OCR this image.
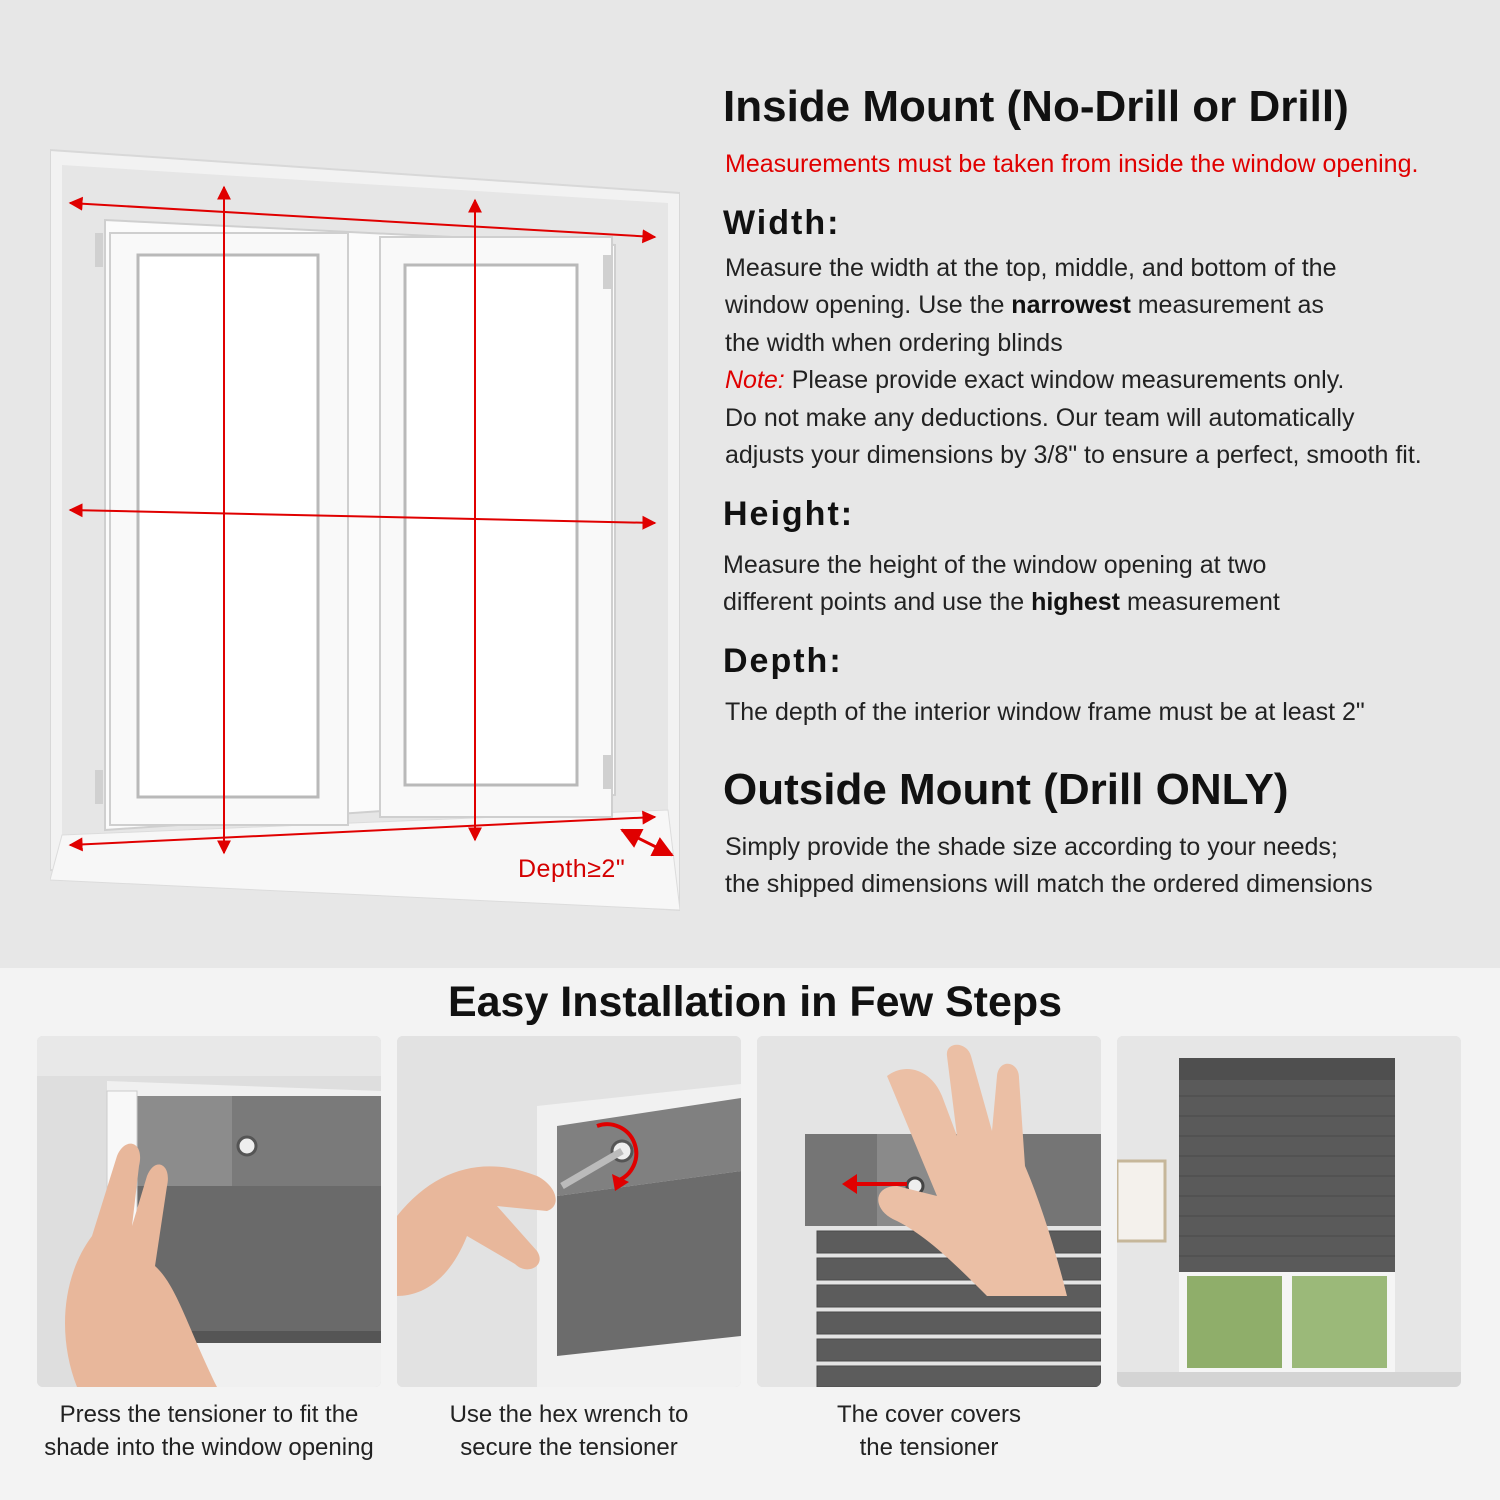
Depth≥2"
Inside Mount (No-Drill or Drill)
Measurements must be taken from inside the window opening.
Width:
Measure the width at the top, middle, and bottom of the
window opening. Use the narrowest measurement as
the width when ordering blinds
Note: Please provide exact window measurements only.
Do not make any deductions. Our team will automatically
adjusts your dimensions by 3/8" to ensure a perfect, smooth fit.
Height:
Measure the height of the window opening at two
different points and use the highest measurement
Depth:
The depth of the interior window frame must be at least 2"
Outside Mount (Drill ONLY)
Simply provide the shade size according to your needs;
the shipped dimensions will match the ordered dimensions
Easy Installation in Few Steps
Press the tensioner to fit the
shade into the window opening
Use the hex wrench to
secure the tensioner
The cover covers
the tensioner
